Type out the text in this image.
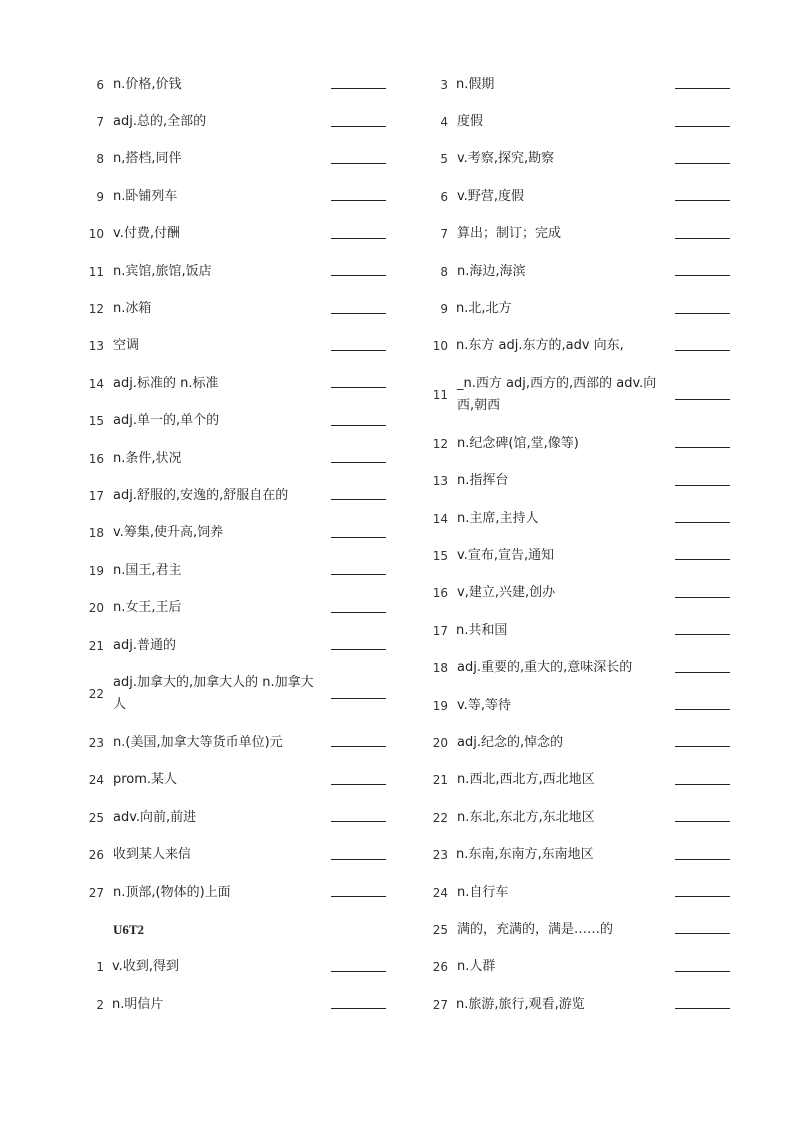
6 n.价格,价钱
7 adj.总的,全部的
8 n,搭档,同伴
9 n.卧铺列车
10 v.付费,付酬
11 n.宾馆,旅馆,饭店
12 n.冰箱
13 空调
14 adj.标准的 n.标准
15 adj.单一的,单个的
16 n.条件,状况
17 adj.舒服的,安逸的,舒服自在的
18 v.筹集,使升高,饲养
19 n.国王,君主
20 n.女王,王后
21 adj.普通的
22
adj.加拿大的,加拿大人的 n.加拿大人
23 n.(美国,加拿大等货币单位)元
24 prom.某人
25 adv.向前,前进
26 收到某人来信
27 n.顶部,(物体的)上面
U6T2
1 v.收到,得到
2 n.明信片
3 n.假期
4 度假
5 v.考察,探究,勘察
6 v.野营,度假
7 算出；制订；完成
8 n.海边,海滨
9 n.北,北方
10 n.东方 adj.东方的,adv 向东,
11
_n.西方 adj,西方的,西部的 adv.向西,朝西
12 n.纪念碑(馆,堂,像等)
13 n.指挥台
14 n.主席,主持人
15 v.宣布,宣告,通知
16 v,建立,兴建,创办
17 n.共和国
18 adj.重要的,重大的,意味深长的
19 v.等,等待
20 adj.纪念的,悼念的
21 n.西北,西北方,西北地区
22 n.东北,东北方,东北地区
23 n.东南,东南方,东南地区
24 n.自行车
25 满的，充满的，满是……的
26 n.人群
27 n.旅游,旅行,观看,游览
